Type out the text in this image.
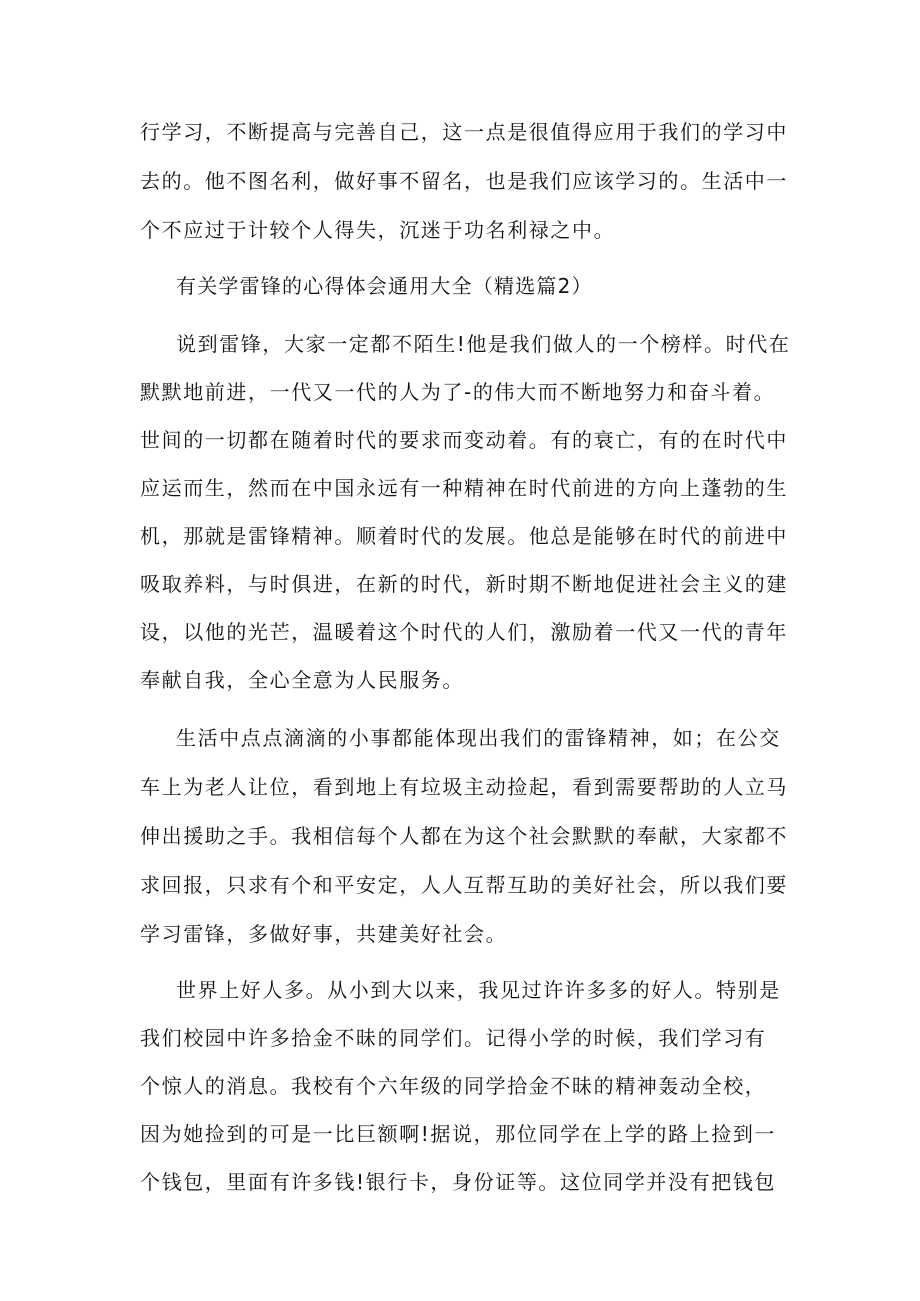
行学习，不断提高与完善自己，这一点是很值得应用于我们的学习中
去的。他不图名利，做好事不留名，也是我们应该学习的。生活中一
个不应过于计较个人得失，沉迷于功名利禄之中。
有关学雷锋的心得体会通用大全（精选篇2）
说到雷锋，大家一定都不陌生!他是我们做人的一个榜样。时代在
默默地前进，一代又一代的人为了-的伟大而不断地努力和奋斗着。
世间的一切都在随着时代的要求而变动着。有的衰亡，有的在时代中
应运而生，然而在中国永远有一种精神在时代前进的方向上蓬勃的生
机，那就是雷锋精神。顺着时代的发展。他总是能够在时代的前进中
吸取养料，与时俱进，在新的时代，新时期不断地促进社会主义的建
设，以他的光芒，温暖着这个时代的人们，激励着一代又一代的青年
奉献自我，全心全意为人民服务。
生活中点点滴滴的小事都能体现出我们的雷锋精神，如；在公交
车上为老人让位，看到地上有垃圾主动捡起，看到需要帮助的人立马
伸出援助之手。我相信每个人都在为这个社会默默的奉献，大家都不
求回报，只求有个和平安定，人人互帮互助的美好社会，所以我们要
学习雷锋，多做好事，共建美好社会。
世界上好人多。从小到大以来，我见过许许多多的好人。特别是
我们校园中许多拾金不昧的同学们。记得小学的时候，我们学习有
个惊人的消息。我校有个六年级的同学拾金不昧的精神轰动全校，
因为她捡到的可是一比巨额啊!据说，那位同学在上学的路上捡到一
个钱包，里面有许多钱!银行卡，身份证等。这位同学并没有把钱包
